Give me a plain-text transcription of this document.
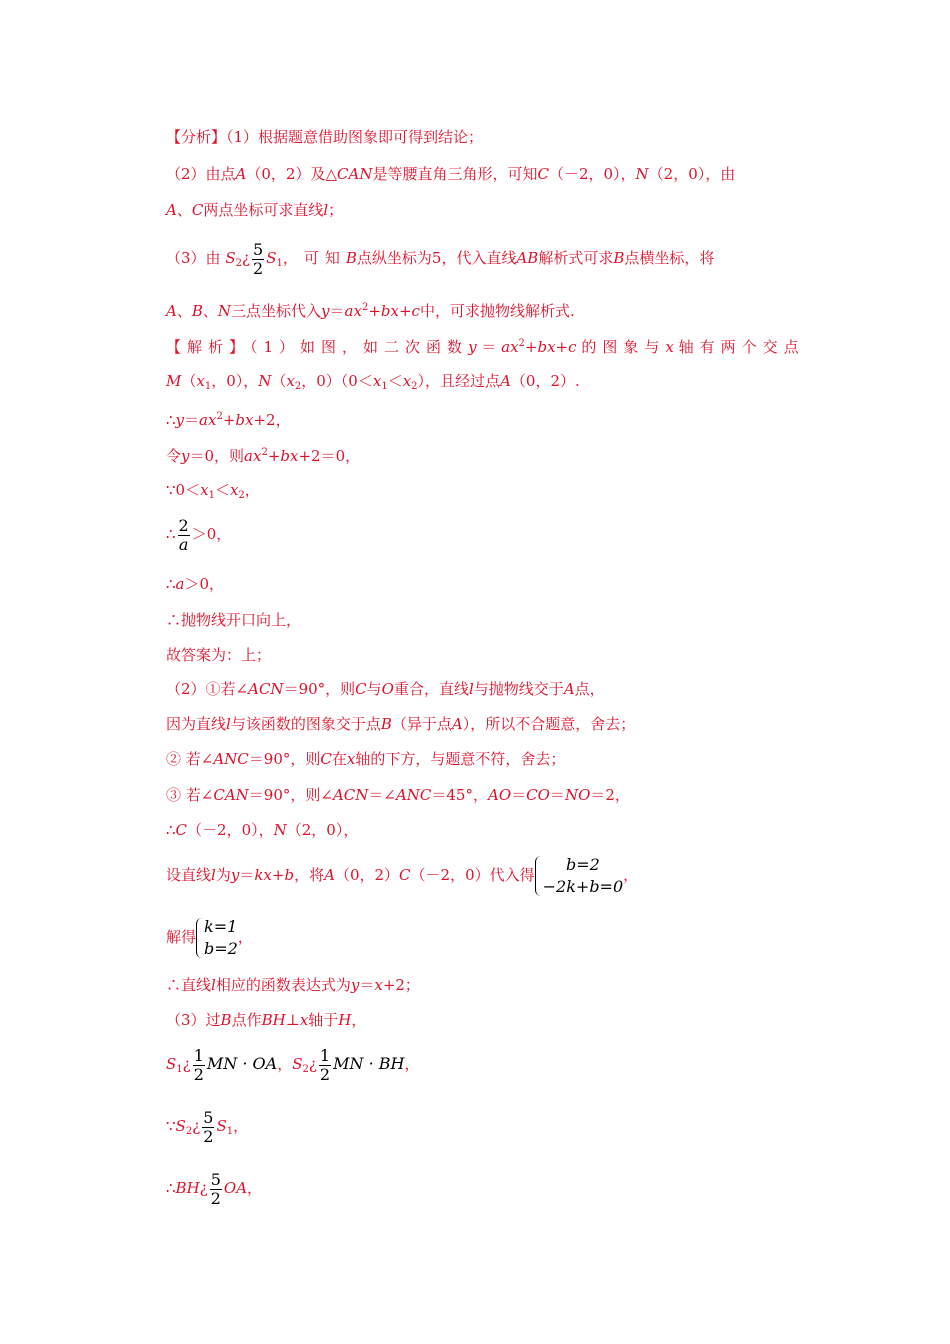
【分析】（1）根据题意借助图象即可得到结论；
（2）由点A（0，2）及△CAN是等腰直角三角形，可知C（－2，0），N（2，0），由
A、C两点坐标可求直线l；
（3）由 $S_2¿ \frac{5}{2} S_1$，可知B点纵坐标为5，代入直线AB解析式可求B点横坐标，将
A、B、N三点坐标代入$y=ax^2+bx+c$中，可求抛物线解析式.
【解析】（1）如图，如二次函数$y = ax^2+bx+c$ 的图象与x 轴有两个交点
$M(x_1$，0），$N(x_2$，$0)(0<x_1<x_2)$，且经过点A（0，2）.
$\therefore y=ax^2+bx+2$，
令y＝0，则$ax^2+bx+2=0$，
$\because 0<x_1<x_2$，
∴ $\frac{2}{a} >0$，
∴a＞0，
∴抛物线开口向上，
故答案为：上；
（2）①若∠ACN＝90°，则C与O重合，直线l与抛物线交于A点，
因为直线l与该函数的图象交于点B（异于点A），所以不合题意，舍去；
② 若∠ANC＝90°，则C在x轴的下方，与题意不符，舍去；
③ 若∠CAN＝90°，则∠ACN＝∠ANC＝45°，AO＝CO＝NO＝2，
∴C（－2，0），N（2，0），
设直线l为y＝kx+b，将A（0，2）C（－2，0）代入得
b=2
−2k+b=0
，
解得
k=1
b=2
，
∴直线l相应的函数表达式为y＝x+2；
（3）过B点作BH⊥x轴于H，
$S_1¿ \frac{1}{2}$ MN · OA，$S_2¿ \frac{1}{2}$ MN · BH，
$\because S_2¿ \frac{5}{2} S_1$，
∴BH¿ $\frac{5}{2}$ OA，
